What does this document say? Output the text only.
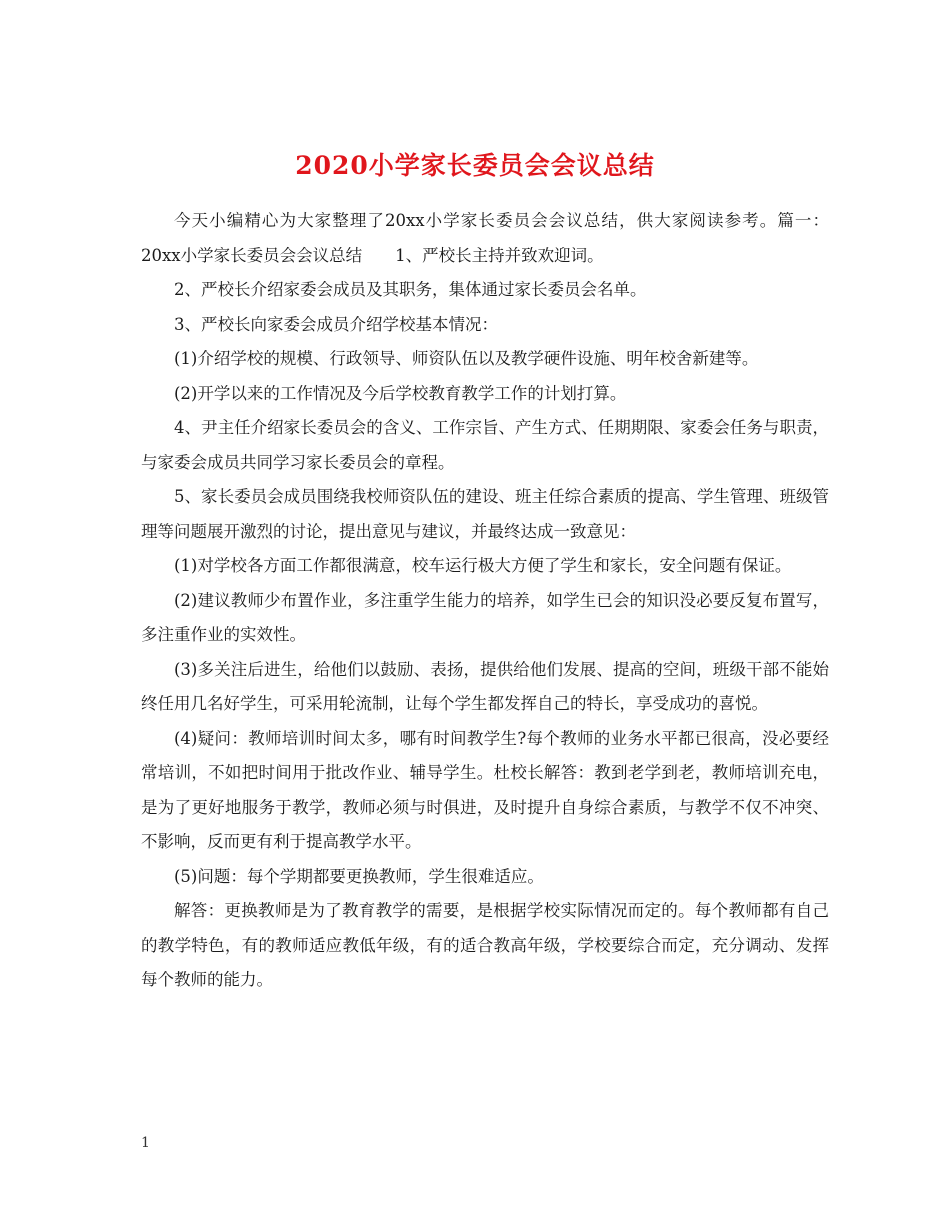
2020小学家长委员会会议总结

今天小编精心为大家整理了20xx小学家长委员会会议总结，供大家阅读参考。篇一：20xx小学家长委员会会议总结　　1、严校长主持并致欢迎词。

2、严校长介绍家委会成员及其职务，集体通过家长委员会名单。

3、严校长向家委会成员介绍学校基本情况：

(1)介绍学校的规模、行政领导、师资队伍以及教学硬件设施、明年校舍新建等。

(2)开学以来的工作情况及今后学校教育教学工作的计划打算。

4、尹主任介绍家长委员会的含义、工作宗旨、产生方式、任期期限、家委会任务与职责，与家委会成员共同学习家长委员会的章程。

5、家长委员会成员围绕我校师资队伍的建设、班主任综合素质的提高、学生管理、班级管理等问题展开激烈的讨论，提出意见与建议，并最终达成一致意见：

(1)对学校各方面工作都很满意，校车运行极大方便了学生和家长，安全问题有保证。

(2)建议教师少布置作业，多注重学生能力的培养，如学生已会的知识没必要反复布置写，多注重作业的实效性。

(3)多关注后进生，给他们以鼓励、表扬，提供给他们发展、提高的空间，班级干部不能始终任用几名好学生，可采用轮流制，让每个学生都发挥自己的特长，享受成功的喜悦。

(4)疑问：教师培训时间太多，哪有时间教学生?每个教师的业务水平都已很高，没必要经常培训，不如把时间用于批改作业、辅导学生。杜校长解答：教到老学到老，教师培训充电，是为了更好地服务于教学，教师必须与时俱进，及时提升自身综合素质，与教学不仅不冲突、不影响，反而更有利于提高教学水平。

(5)问题：每个学期都要更换教师，学生很难适应。

解答：更换教师是为了教育教学的需要，是根据学校实际情况而定的。每个教师都有自己的教学特色，有的教师适应教低年级，有的适合教高年级，学校要综合而定，充分调动、发挥每个教师的能力。

1
